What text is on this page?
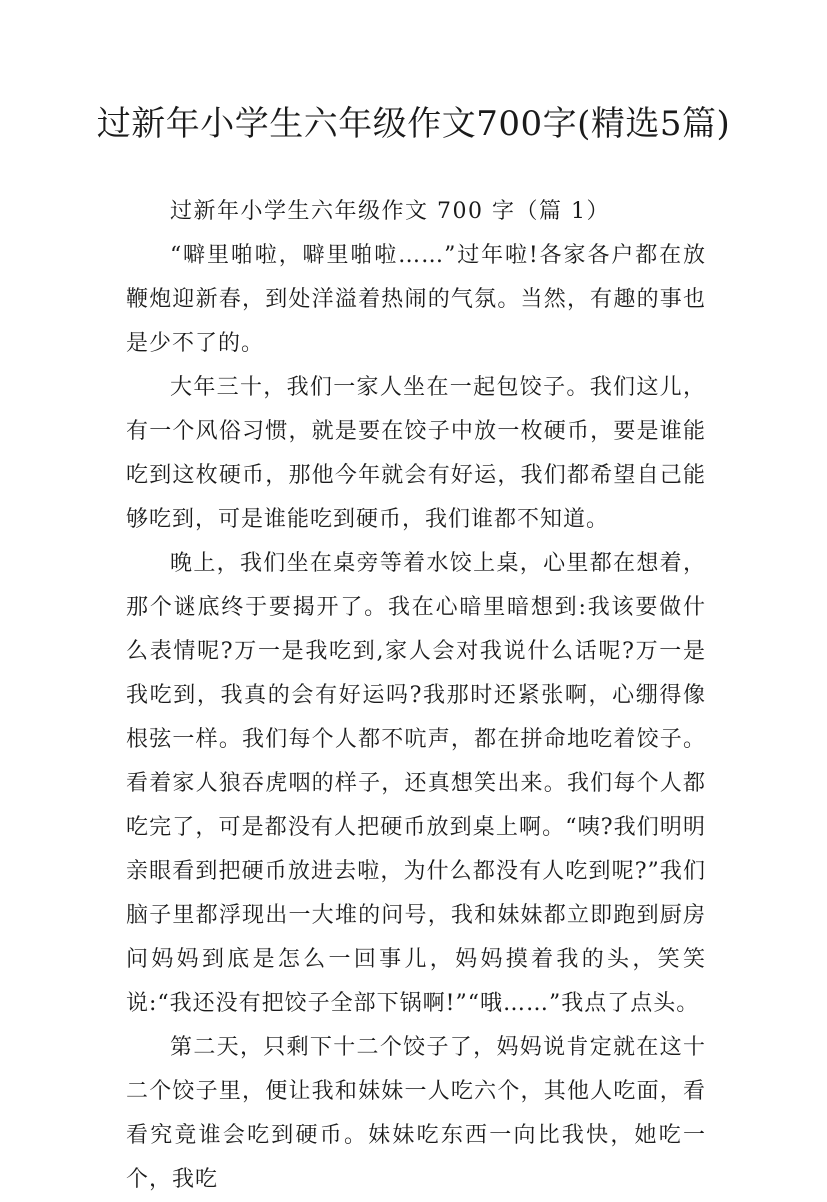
过新年小学生六年级作文700字(精选5篇)

过新年小学生六年级作文 700 字（篇 1）

“噼里啪啦，噼里啪啦……”过年啦!各家各户都在放鞭炮迎新春，到处洋溢着热闹的气氛。当然，有趣的事也是少不了的。

大年三十，我们一家人坐在一起包饺子。我们这儿，有一个风俗习惯，就是要在饺子中放一枚硬币，要是谁能吃到这枚硬币，那他今年就会有好运，我们都希望自己能够吃到，可是谁能吃到硬币，我们谁都不知道。

晚上，我们坐在桌旁等着水饺上桌，心里都在想着，那个谜底终于要揭开了。我在心暗里暗想到:我该要做什么表情呢?万一是我吃到,家人会对我说什么话呢?万一是我吃到，我真的会有好运吗?我那时还紧张啊，心绷得像根弦一样。我们每个人都不吭声，都在拼命地吃着饺子。看着家人狼吞虎咽的样子，还真想笑出来。我们每个人都吃完了，可是都没有人把硬币放到桌上啊。“咦?我们明明亲眼看到把硬币放进去啦，为什么都没有人吃到呢?”我们脑子里都浮现出一大堆的问号，我和妹妹都立即跑到厨房问妈妈到底是怎么一回事儿，妈妈摸着我的头，笑笑说:“我还没有把饺子全部下锅啊!”“哦……”我点了点头。

第二天，只剩下十二个饺子了，妈妈说肯定就在这十二个饺子里，便让我和妹妹一人吃六个，其他人吃面，看看究竟谁会吃到硬币。妹妹吃东西一向比我快，她吃一个，我吃
